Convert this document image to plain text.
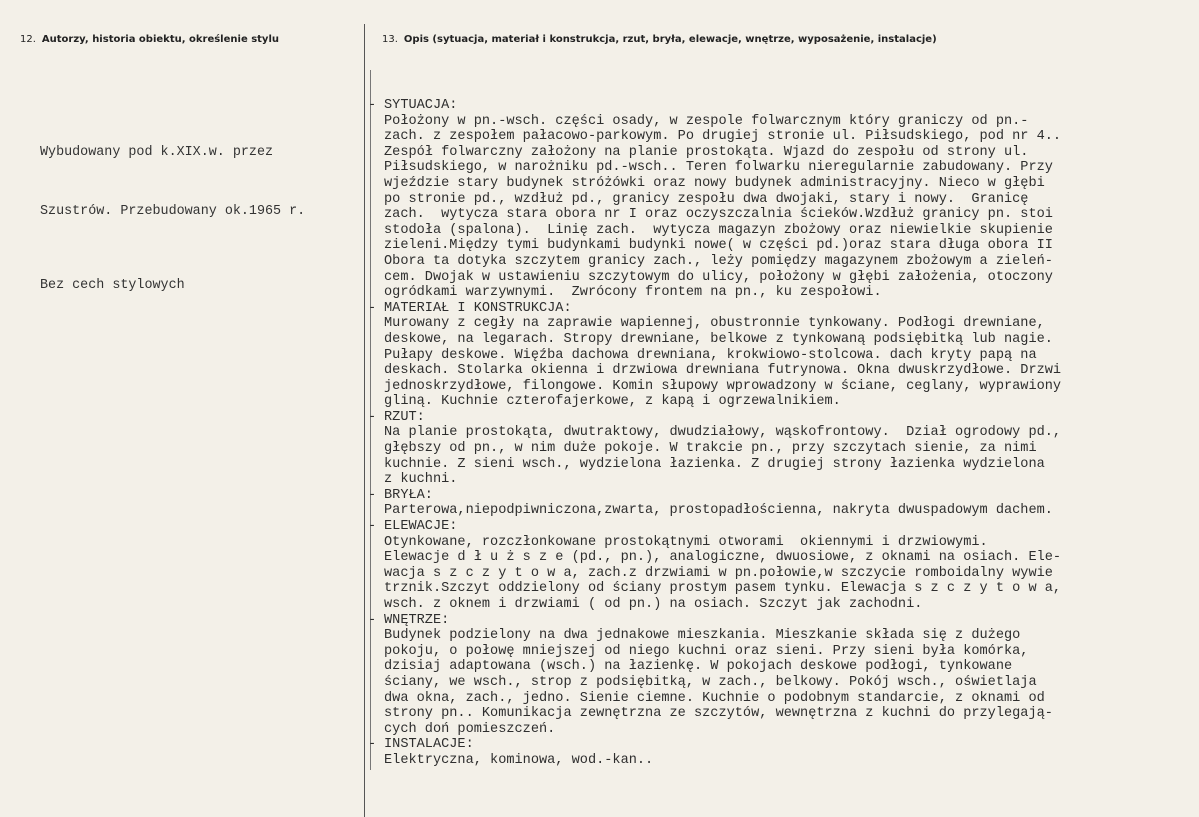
12. Autorzy, historia obiektu, określenie stylu	13. Opis (sytuacja, materiał i konstrukcja, rzut, bryła, elewacje, wnętrze, wyposażenie, instalacje)

Wybudowany pod k.XIX.w. przez

Szustrów. Przebudowany ok.1965 r.

Bez cech stylowych

- SYTUACJA:
Położony w pn.-wsch. części osady, w zespole folwarcznym który graniczy od pn.-
zach. z zespołem pałacowo-parkowym. Po drugiej stronie ul. Piłsudskiego, pod nr 4..
Zespół folwarczny założony na planie prostokąta. Wjazd do zespołu od strony ul.
Piłsudskiego, w narożniku pd.-wsch.. Teren folwarku nieregularnie zabudowany. Przy
wjeździe stary budynek stróżówki oraz nowy budynek administracyjny. Nieco w głębi
po stronie pd., wzdłuż pd., granicy zespołu dwa dwojaki, stary i nowy.  Granicę
zach.  wytycza stara obora nr I oraz oczyszczalnia ścieków.Wzdłuż granicy pn. stoi
stodoła (spalona).  Linię zach.  wytycza magazyn zbożowy oraz niewielkie skupienie
zieleni.Między tymi budynkami budynki nowe( w części pd.)oraz stara długa obora II
Obora ta dotyka szczytem granicy zach., leży pomiędzy magazynem zbożowym a zieleń-
cem. Dwojak w ustawieniu szczytowym do ulicy, położony w głębi założenia, otoczony
ogródkami warzywnymi.  Zwrócony frontem na pn., ku zespołowi.
- MATERIAŁ I KONSTRUKCJA:
Murowany z cegły na zaprawie wapiennej, obustronnie tynkowany. Podłogi drewniane,
deskowe, na legarach. Stropy drewniane, belkowe z tynkowaną podsiębitką lub nagie.
Pułapy deskowe. Więźba dachowa drewniana, krokwiowo-stolcowa. dach kryty papą na
deskach. Stolarka okienna i drzwiowa drewniana futrynowa. Okna dwuskrzydłowe. Drzwi
jednoskrzydłowe, filongowe. Komin słupowy wprowadzony w ściane, ceglany, wyprawiony
gliną. Kuchnie czterofajerkowe, z kapą i ogrzewalnikiem.
- RZUT:
Na planie prostokąta, dwutraktowy, dwudziałowy, wąskofrontowy.  Dział ogrodowy pd.,
głębszy od pn., w nim duże pokoje. W trakcie pn., przy szczytach sienie, za nimi
kuchnie. Z sieni wsch., wydzielona łazienka. Z drugiej strony łazienka wydzielona
z kuchni.
- BRYŁA:
Parterowa,niepodpiwniczona,zwarta, prostopadłościenna, nakryta dwuspadowym dachem.
- ELEWACJE:
Otynkowane, rozczłonkowane prostokątnymi otworami  okiennymi i drzwiowymi.
Elewacje d ł u ż s z e (pd., pn.), analogiczne, dwuosiowe, z oknami na osiach. Ele-
wacja s z c z y t o w a, zach.z drzwiami w pn.połowie,w szczycie romboidalny wywie
trznik.Szczyt oddzielony od ściany prostym pasem tynku. Elewacja s z c z y t o w a,
wsch. z oknem i drzwiami ( od pn.) na osiach. Szczyt jak zachodni.
- WNĘTRZE:
Budynek podzielony na dwa jednakowe mieszkania. Mieszkanie składa się z dużego
pokoju, o połowę mniejszej od niego kuchni oraz sieni. Przy sieni była komórka,
dzisiaj adaptowana (wsch.) na łazienkę. W pokojach deskowe podłogi, tynkowane
ściany, we wsch., strop z podsiębitką, w zach., belkowy. Pokój wsch., oświetlaja
dwa okna, zach., jedno. Sienie ciemne. Kuchnie o podobnym standarcie, z oknami od
strony pn.. Komunikacja zewnętrzna ze szczytów, wewnętrzna z kuchni do przylegają-
cych doń pomieszczeń.
- INSTALACJE:
Elektryczna, kominowa, wod.-kan..
